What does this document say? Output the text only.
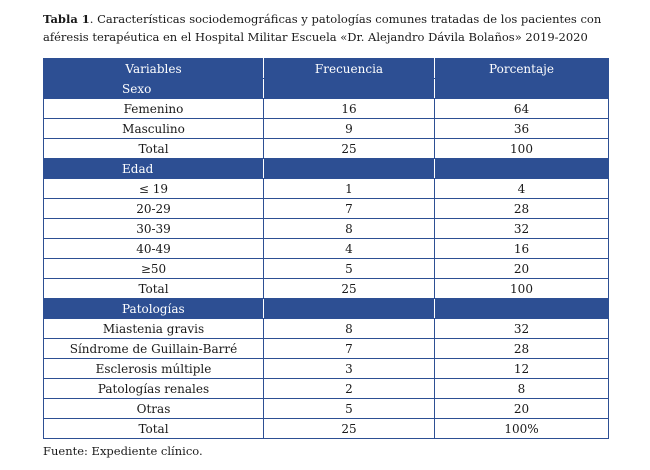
Tabla 1. Características sociodemográficas y patologías comunes tratadas de los pacientes con aféresis terapéutica en el Hospital Militar Escuela «Dr. Alejandro Dávila Bolaños» 2019-2020
Variables	Frecuencia	Porcentaje
Sexo		
Femenino	16	64
Masculino	9	36
Total	25	100
Edad		
≤ 19	1	4
20-29	7	28
30-39	8	32
40-49	4	16
≥50	5	20
Total	25	100
Patologías		
Miastenia gravis	8	32
Síndrome de Guillain-Barré	7	28
Esclerosis múltiple	3	12
Patologías renales	2	8
Otras	5	20
Total	25	100%
Fuente: Expediente clínico.
